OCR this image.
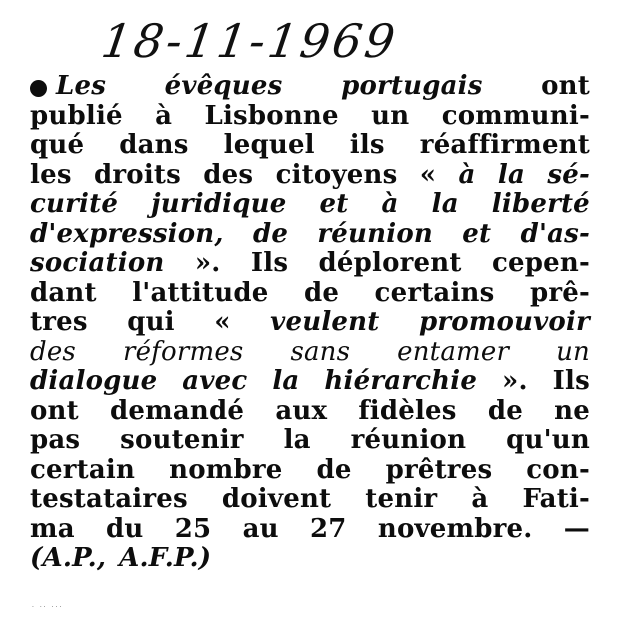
18-11-1969
Les évêques portugais ont
publié à Lisbonne un communi-
qué dans lequel ils réaffirment
les droits des citoyens « à la sé-
curité juridique et à la liberté
d'expression, de réunion et d'as-
sociation ». Ils déplorent cepen-
dant l'attitude de certains prê-
tres qui « veulent promouvoir
des réformes sans entamer un
dialogue avec la hiérarchie ». Ils
ont demandé aux fidèles de ne
pas soutenir la réunion qu'un
certain nombre de prêtres con-
testataires doivent tenir à Fati-
ma du 25 au 27 novembre. —
(A.P., A.F.P.)
· ·· ···
